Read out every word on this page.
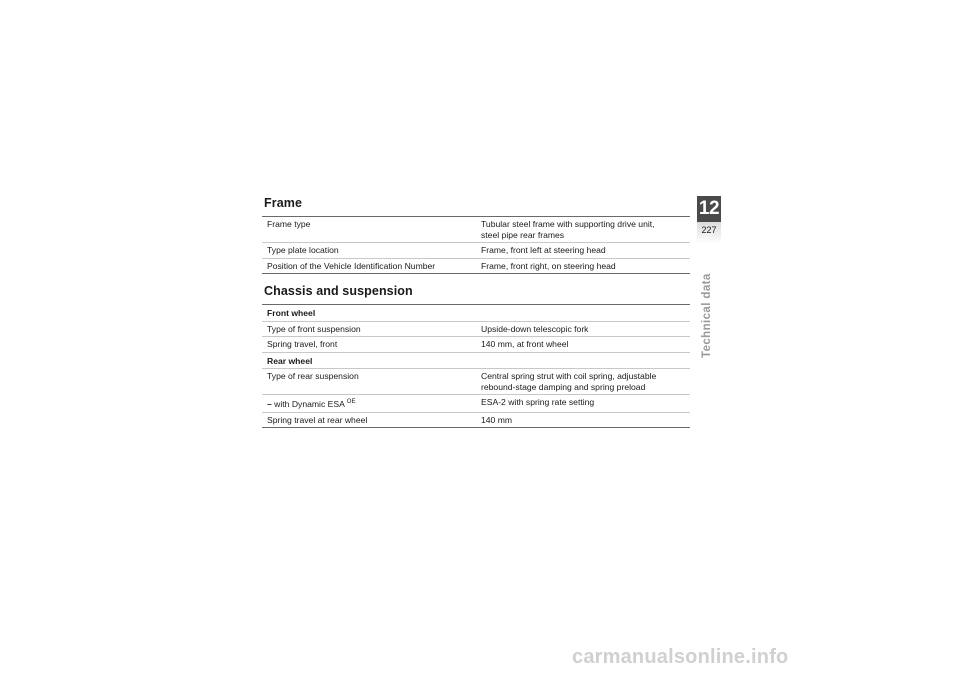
Frame
Frame type	Tubular steel frame with supporting drive unit,
steel pipe rear frames
Type plate location	Frame, front left at steering head
Position of the Vehicle Identification Number	Frame, front right, on steering head
Chassis and suspension
Front wheel	
Type of front suspension	Upside-down telescopic fork
Spring travel, front	140 mm, at front wheel
Rear wheel	
Type of rear suspension	Central spring strut with coil spring, adjustable
rebound-stage damping and spring preload
– with Dynamic ESA $^{OE}$	ESA-2 with spring rate setting
Spring travel at rear wheel	140 mm
12
227
Technical data
carmanualsonline.info
